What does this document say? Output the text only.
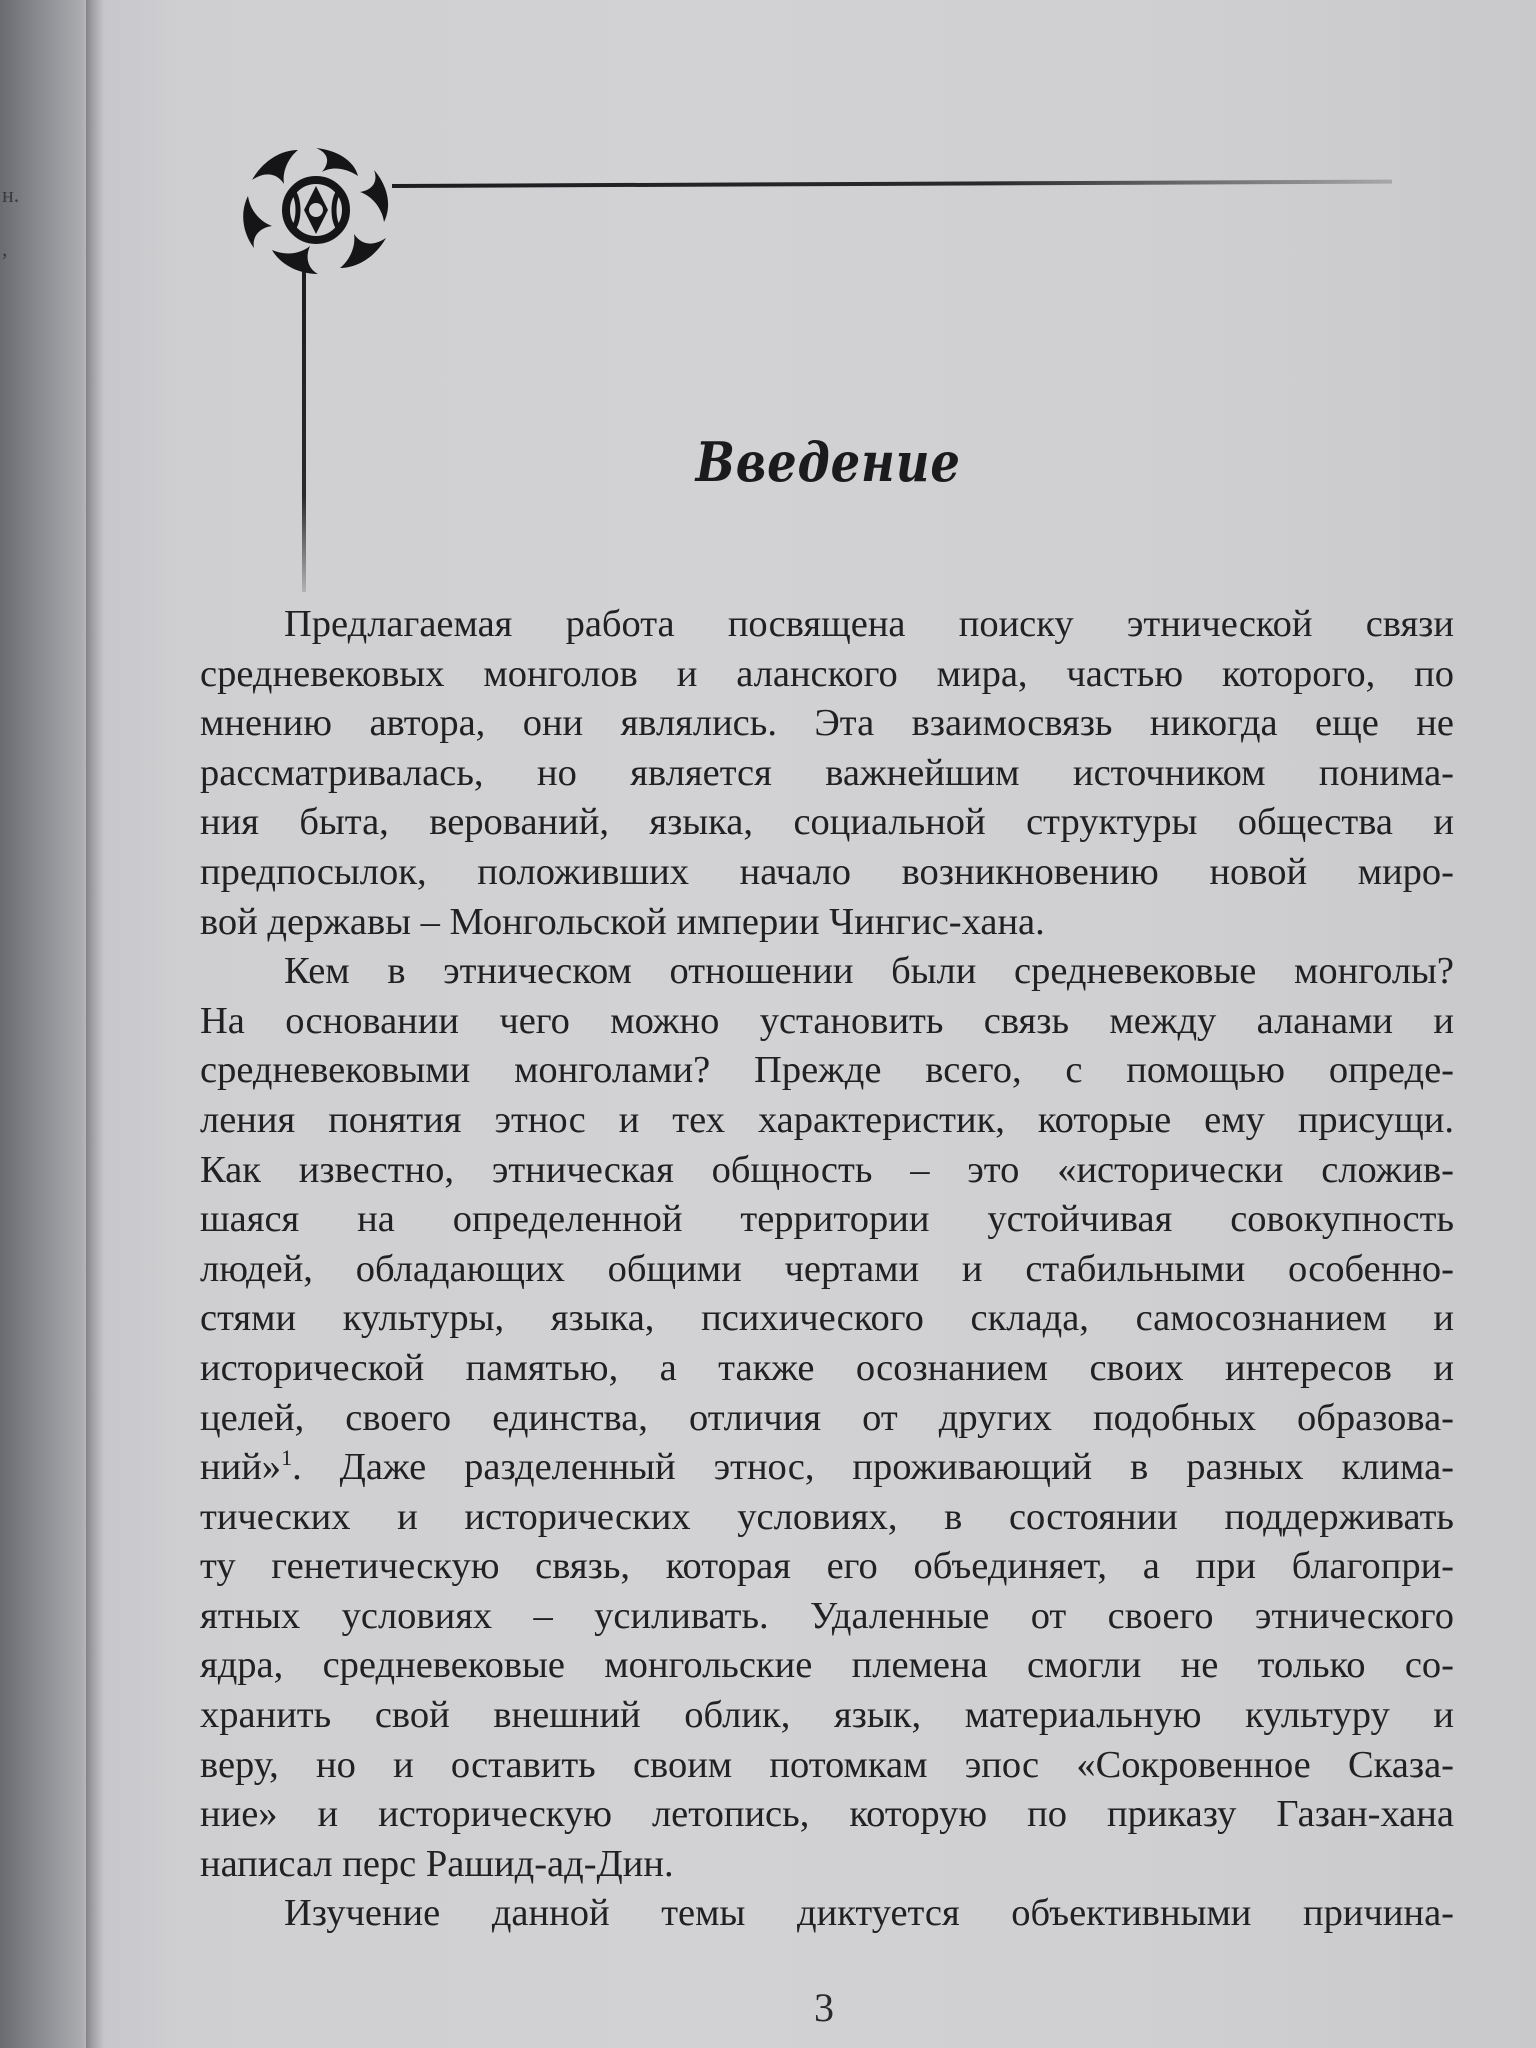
н.
,
Введение
Предлагаемая работа посвящена поиску этнической связи
средневековых монголов и аланского мира, частью которого, по
мнению автора, они являлись. Эта взаимосвязь никогда еще не
рассматривалась, но является важнейшим источником понима-
ния быта, верований, языка, социальной структуры общества и
предпосылок, положивших начало возникновению новой миро-
вой державы – Монгольской империи Чингис-хана.
Кем в этническом отношении были средневековые монголы?
На основании чего можно установить связь между аланами и
средневековыми монголами? Прежде всего, с помощью опреде-
ления понятия этнос и тех характеристик, которые ему присущи.
Как известно, этническая общность – это «исторически сложив-
шаяся на определенной территории устойчивая совокупность
людей, обладающих общими чертами и стабильными особенно-
стями культуры, языка, психического склада, самосознанием и
исторической памятью, а также осознанием своих интересов и
целей, своего единства, отличия от других подобных образова-
ний»$^1$. Даже разделенный этнос, проживающий в разных клима-
тических и исторических условиях, в состоянии поддерживать
ту генетическую связь, которая его объединяет, а при благопри-
ятных условиях – усиливать. Удаленные от своего этнического
ядра, средневековые монгольские племена смогли не только со-
хранить свой внешний облик, язык, материальную культуру и
веру, но и оставить своим потомкам эпос «Сокровенное Сказа-
ние» и историческую летопись, которую по приказу Газан-хана
написал перс Рашид-ад-Дин.
Изучение данной темы диктуется объективными причина-
3
